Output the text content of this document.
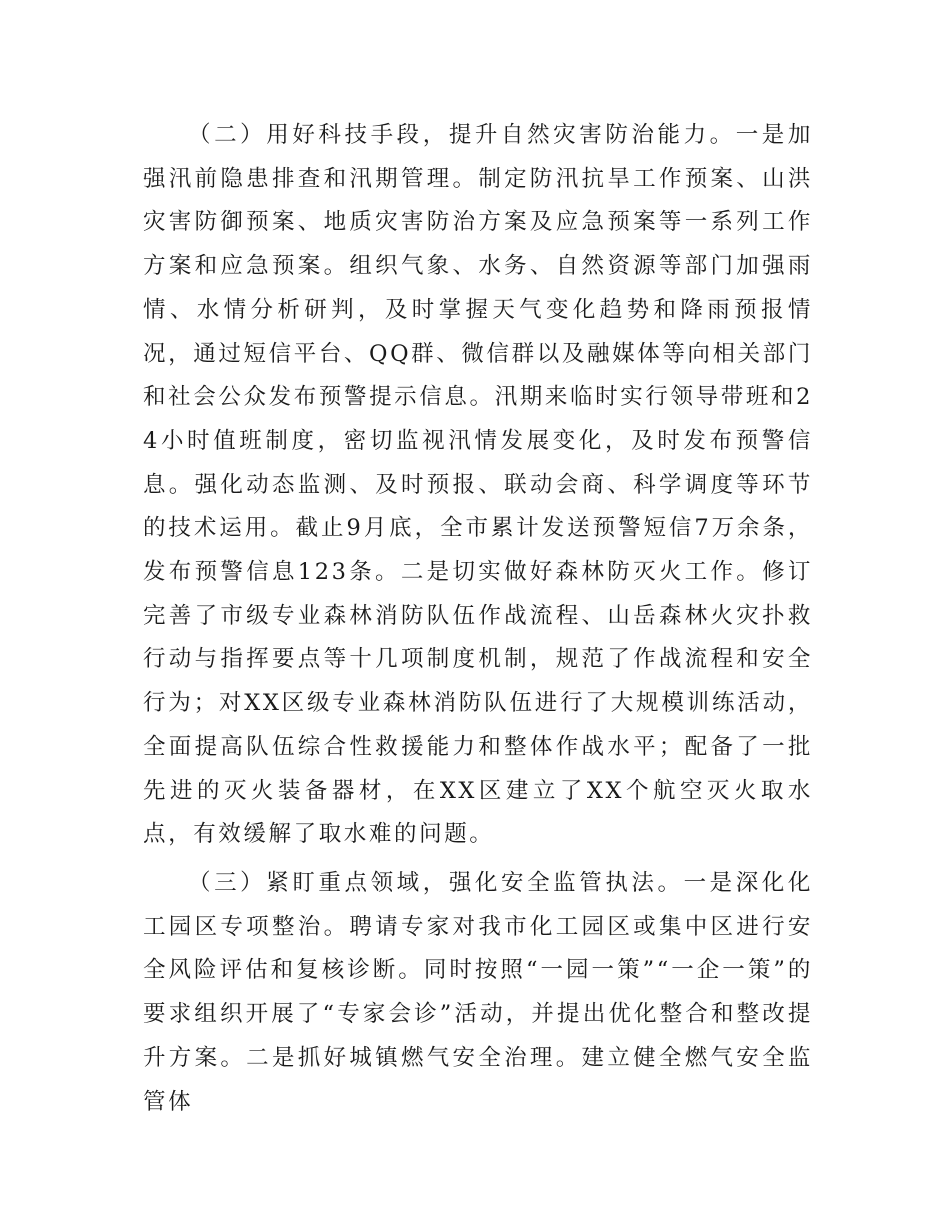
（二）用好科技手段，提升自然灾害防治能力。一是加强汛前隐患排查和汛期管理。制定防汛抗旱工作预案、山洪灾害防御预案、地质灾害防治方案及应急预案等一系列工作方案和应急预案。组织气象、水务、自然资源等部门加强雨情、水情分析研判，及时掌握天气变化趋势和降雨预报情况，通过短信平台、QQ群、微信群以及融媒体等向相关部门和社会公众发布预警提示信息。汛期来临时实行领导带班和24小时值班制度，密切监视汛情发展变化，及时发布预警信息。强化动态监测、及时预报、联动会商、科学调度等环节的技术运用。截止9月底，全市累计发送预警短信7万余条，发布预警信息123条。二是切实做好森林防灭火工作。修订完善了市级专业森林消防队伍作战流程、山岳森林火灾扑救行动与指挥要点等十几项制度机制，规范了作战流程和安全行为；对XX区级专业森林消防队伍进行了大规模训练活动，全面提高队伍综合性救援能力和整体作战水平；配备了一批先进的灭火装备器材，在XX区建立了XX个航空灭火取水点，有效缓解了取水难的问题。

（三）紧盯重点领域，强化安全监管执法。一是深化化工园区专项整治。聘请专家对我市化工园区或集中区进行安全风险评估和复核诊断。同时按照“一园一策”“一企一策”的要求组织开展了“专家会诊”活动，并提出优化整合和整改提升方案。二是抓好城镇燃气安全治理。建立健全燃气安全监管体
